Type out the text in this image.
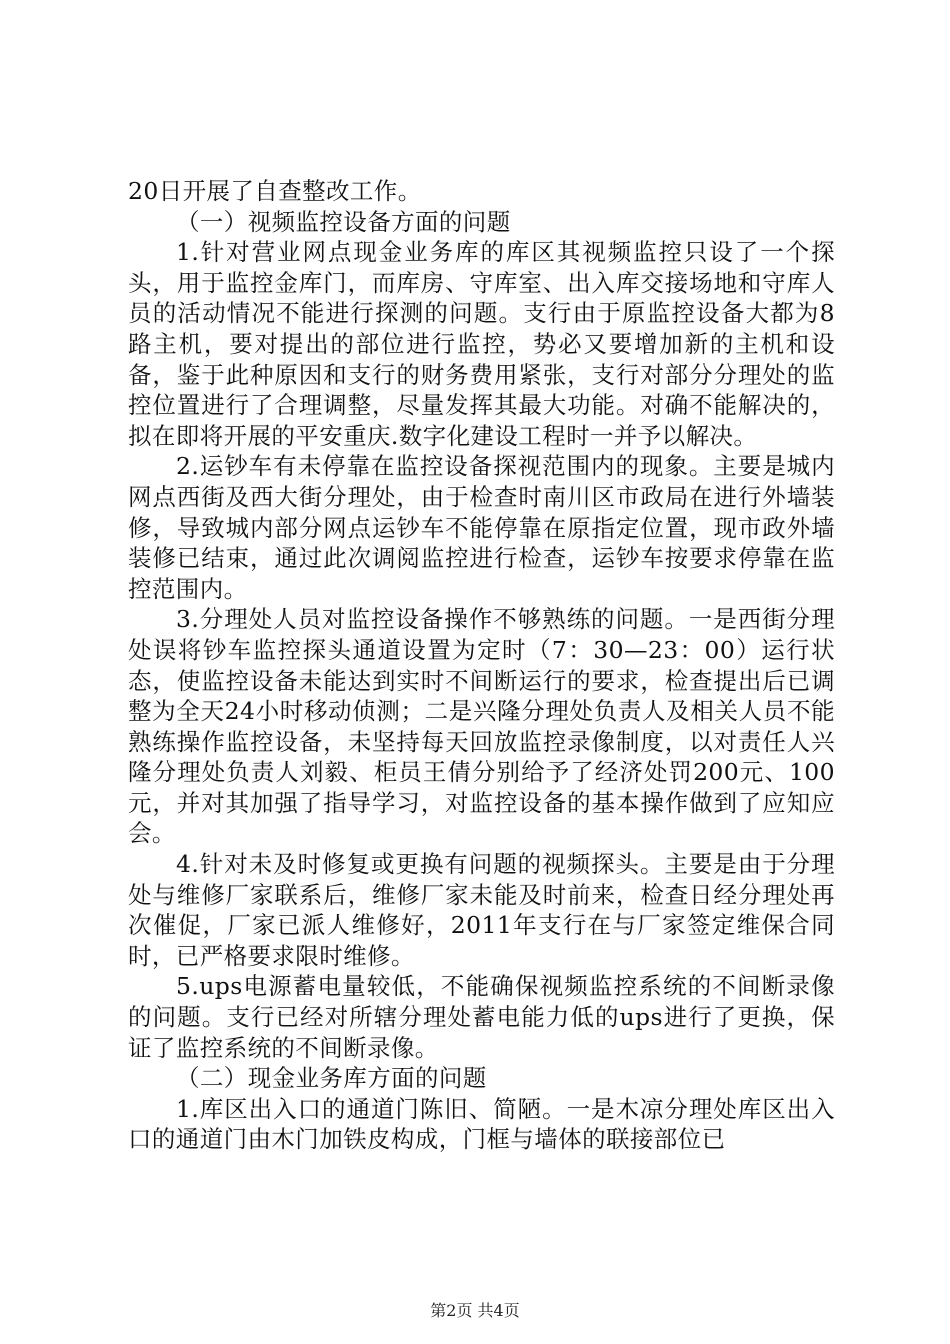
20日开展了自查整改工作。

（一）视频监控设备方面的问题

1.针对营业网点现金业务库的库区其视频监控只设了一个探头，用于监控金库门，而库房、守库室、出入库交接场地和守库人员的活动情况不能进行探测的问题。支行由于原监控设备大都为8路主机，要对提出的部位进行监控，势必又要增加新的主机和设备，鉴于此种原因和支行的财务费用紧张，支行对部分分理处的监控位置进行了合理调整，尽量发挥其最大功能。对确不能解决的，拟在即将开展的平安重庆.数字化建设工程时一并予以解决。

2.运钞车有未停靠在监控设备探视范围内的现象。主要是城内网点西街及西大街分理处，由于检查时南川区市政局在进行外墙装修，导致城内部分网点运钞车不能停靠在原指定位置，现市政外墙装修已结束，通过此次调阅监控进行检查，运钞车按要求停靠在监控范围内。

3.分理处人员对监控设备操作不够熟练的问题。一是西街分理处误将钞车监控探头通道设置为定时（7：30—23：00）运行状态，使监控设备未能达到实时不间断运行的要求，检查提出后已调整为全天24小时移动侦测；二是兴隆分理处负责人及相关人员不能熟练操作监控设备，未坚持每天回放监控录像制度，以对责任人兴隆分理处负责人刘毅、柜员王倩分别给予了经济处罚200元、100元，并对其加强了指导学习，对监控设备的基本操作做到了应知应会。

4.针对未及时修复或更换有问题的视频探头。主要是由于分理处与维修厂家联系后，维修厂家未能及时前来，检查日经分理处再次催促，厂家已派人维修好，2011年支行在与厂家签定维保合同时，已严格要求限时维修。

5.ups电源蓄电量较低，不能确保视频监控系统的不间断录像的问题。支行已经对所辖分理处蓄电能力低的ups进行了更换，保证了监控系统的不间断录像。

（二）现金业务库方面的问题

1.库区出入口的通道门陈旧、简陋。一是木凉分理处库区出入口的通道门由木门加铁皮构成，门框与墙体的联接部位已

第2页 共4页
